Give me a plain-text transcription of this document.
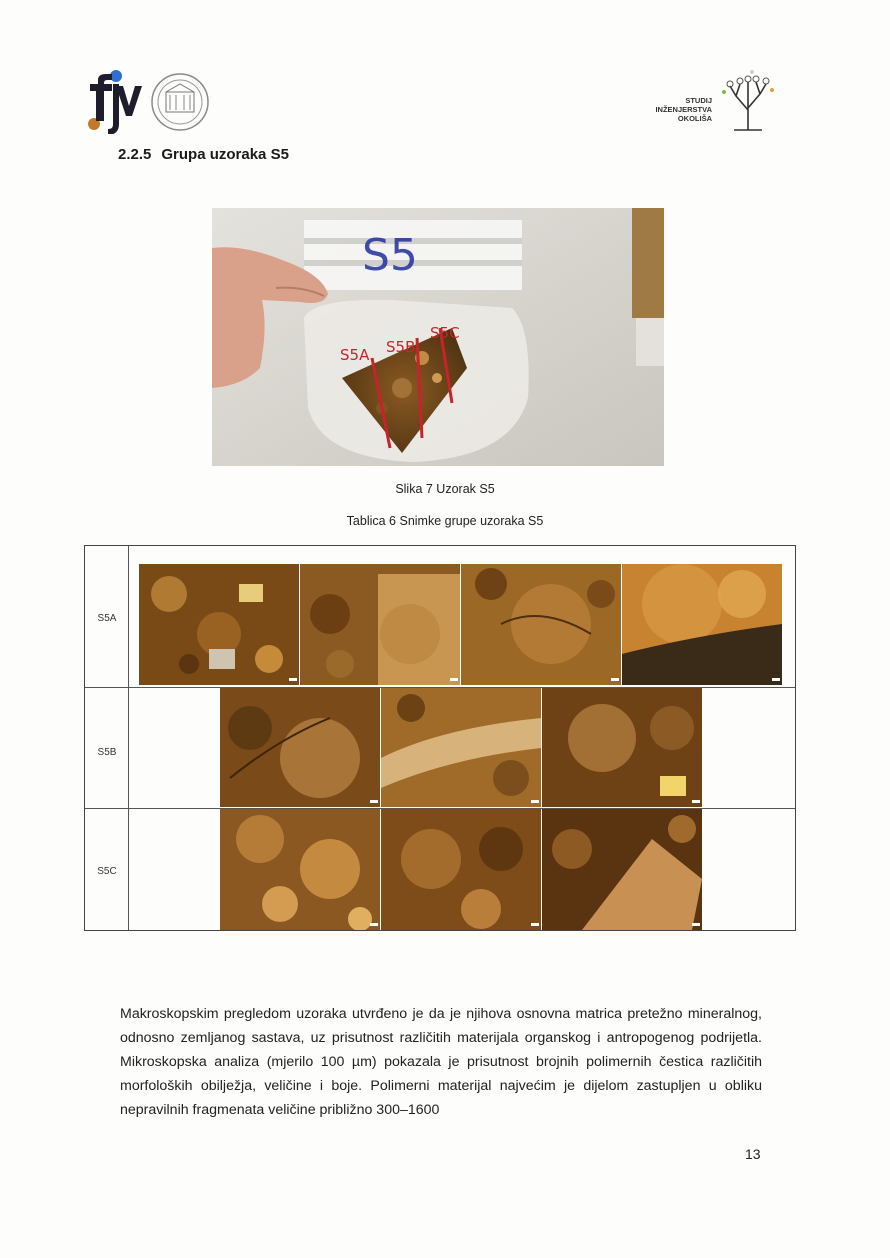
STUDIJ
INŽENJERSTVA
OKOLIŠA
2.2.5 Grupa uzoraka S5
S5
S5A S5B
S5C
Slika 7 Uzorak S5
Tablica 6 Snimke grupe uzoraka S5
S5A
S5B
S5C
Makroskopskim pregledom uzoraka utvrđeno je da je njihova osnovna matrica pretežno mineralnog, odnosno zemljanog sastava, uz prisutnost različitih materijala organskog i antropogenog podrijetla. Mikroskopska analiza (mjerilo 100 µm) pokazala je prisutnost brojnih polimernih čestica različitih morfoloških obilježja, veličine i boje. Polimerni materijal najvećim je dijelom zastupljen u obliku nepravilnih fragmenata veličine približno 300–1600
13
